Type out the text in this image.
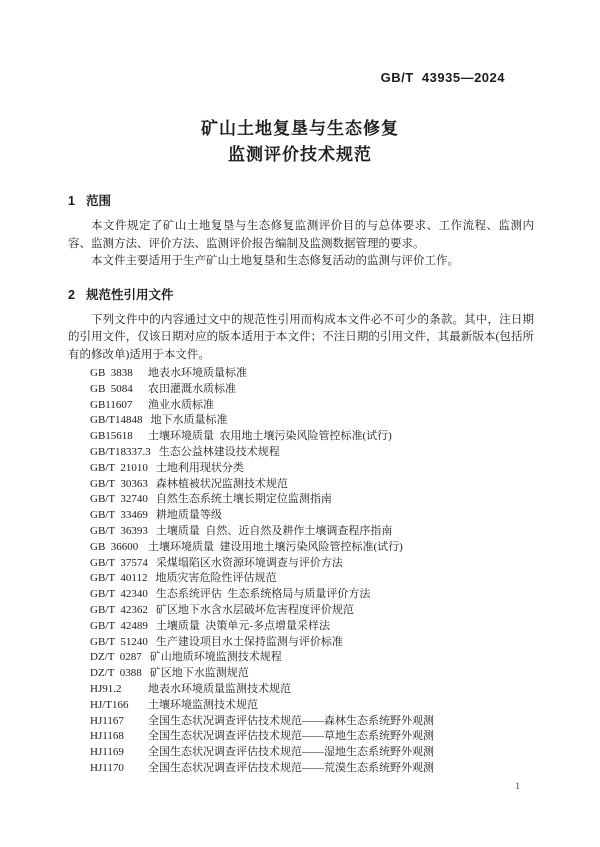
GB/T  43935—2024
矿山土地复垦与生态修复
监测评价技术规范
1 范围

本文件规定了矿山土地复垦与生态修复监测评价目的与总体要求、工作流程、监测内容、监测方法、评价方法、监测评价报告编制及监测数据管理的要求。

本文件主要适用于生产矿山土地复垦和生态修复活动的监测与评价工作。

2 规范性引用文件

下列文件中的内容通过文中的规范性引用而构成本文件必不可少的条款。其中，注日期的引用文件，仅该日期对应的版本适用于本文件；不注日期的引用文件，其最新版本(包括所有的修改单)适用于本文件。

GB  3838	地表水环境质量标准
GB  5084	农田灌溉水质标准
GB11607	渔业水质标准
GB/T14848 地下水质量标准
GB15618	土壤环境质量  农用地土壤污染风险管控标准(试行)
GB/T18337.3 生态公益林建设技术规程
GB/T  21010 土地利用现状分类
GB/T  30363 森林植被状况监测技术规范
GB/T  32740 自然生态系统土壤长期定位监测指南
GB/T  33469 耕地质量等级
GB/T  36393 土壤质量  自然、近自然及耕作土壤调查程序指南
GB  36600 土壤环境质量  建设用地土壤污染风险管控标准(试行)
GB/T  37574 采煤塌陷区水资源环境调查与评价方法
GB/T  40112 地质灾害危险性评估规范
GB/T  42340 生态系统评估  生态系统格局与质量评价方法
GB/T  42362 矿区地下水含水层破坏危害程度评价规范
GB/T  42489 土壤质量  决策单元-多点增量采样法
GB/T  51240 生产建设项目水土保持监测与评价标准
DZ/T  0287 矿山地质环境监测技术规程
DZ/T  0388 矿区地下水监测规范
HJ91.2	地表水环境质量监测技术规范
HJ/T166	土壤环境监测技术规范
HJ1167	全国生态状况调查评估技术规范——森林生态系统野外观测
HJ1168	全国生态状况调查评估技术规范——草地生态系统野外观测
HJ1169	全国生态状况调查评估技术规范——湿地生态系统野外观测
HJ1170	全国生态状况调查评估技术规范——荒漠生态系统野外观测
1
